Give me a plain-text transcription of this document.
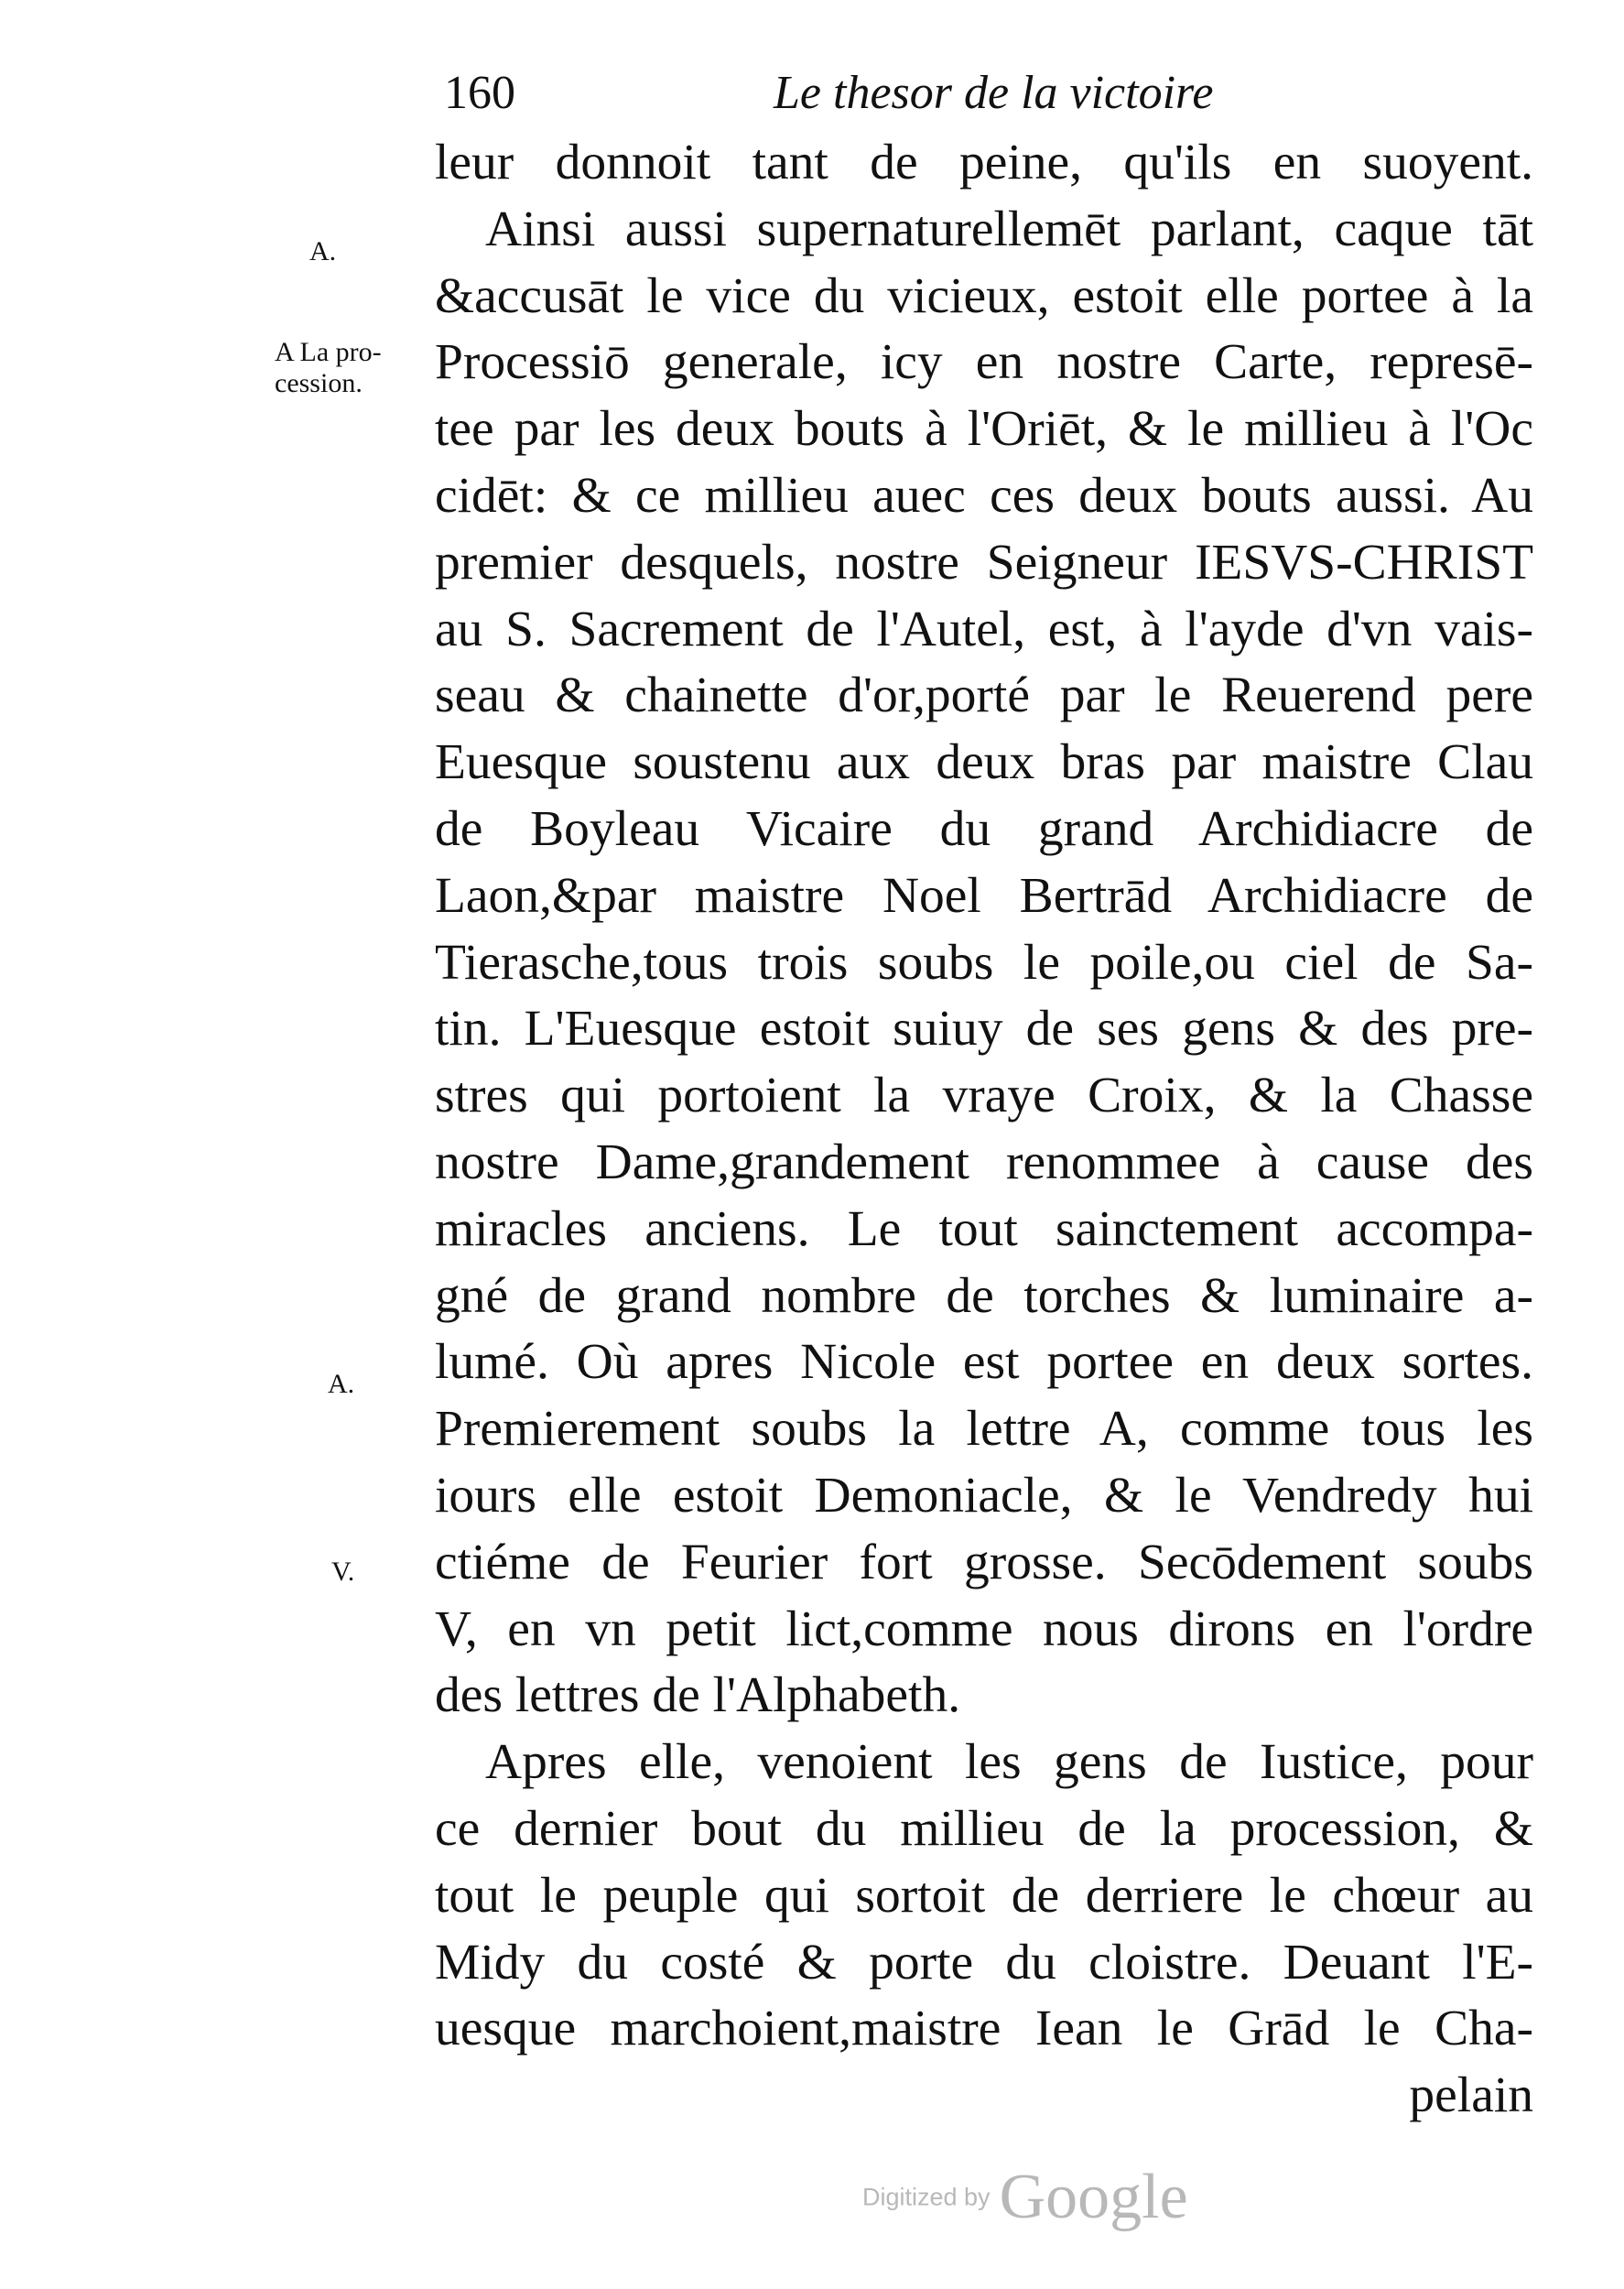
160	Le thesor de la victoire
A.
A La pro-
cession.
A.
V.
leur donnoit tant de peine, qu'ils en suoyent.
Ainsi aussi supernaturellemēt parlant, caque tāt
&accusāt le vice du vicieux, estoit elle portee à la
Processiō generale, icy en nostre Carte, represē-
tee par les deux bouts à l'Oriēt, & le millieu à l'Oc
cidēt: & ce millieu auec ces deux bouts aussi. Au
premier desquels, nostre Seigneur IESVS-CHRIST
au S. Sacrement de l'Autel, est, à l'ayde d'vn vais-
seau & chainette d'or,porté par le Reuerend pere
Euesque soustenu aux deux bras par maistre Clau
de Boyleau Vicaire du grand Archidiacre de
Laon,&par maistre Noel Bertrād Archidiacre de
Tierasche,tous trois soubs le poile,ou ciel de Sa-
tin. L'Euesque estoit suiuy de ses gens & des pre-
stres qui portoient la vraye Croix, & la Chasse
nostre Dame,grandement renommee à cause des
miracles anciens. Le tout sainctement accompa-
gné de grand nombre de torches & luminaire a-
lumé. Où apres Nicole est portee en deux sortes.
Premierement soubs la lettre A, comme tous les
iours elle estoit Demoniacle, & le Vendredy hui
ctiéme de Feurier fort grosse. Secōdement soubs
V, en vn petit lict,comme nous dirons en l'ordre
des lettres de l'Alphabeth.
Apres elle, venoient les gens de Iustice, pour
ce dernier bout du millieu de la procession, &
tout le peuple qui sortoit de derriere le chœur au
Midy du costé & porte du cloistre. Deuant l'E-
uesque marchoient,maistre Iean le Grād le Cha-
pelain
Digitized by Google
